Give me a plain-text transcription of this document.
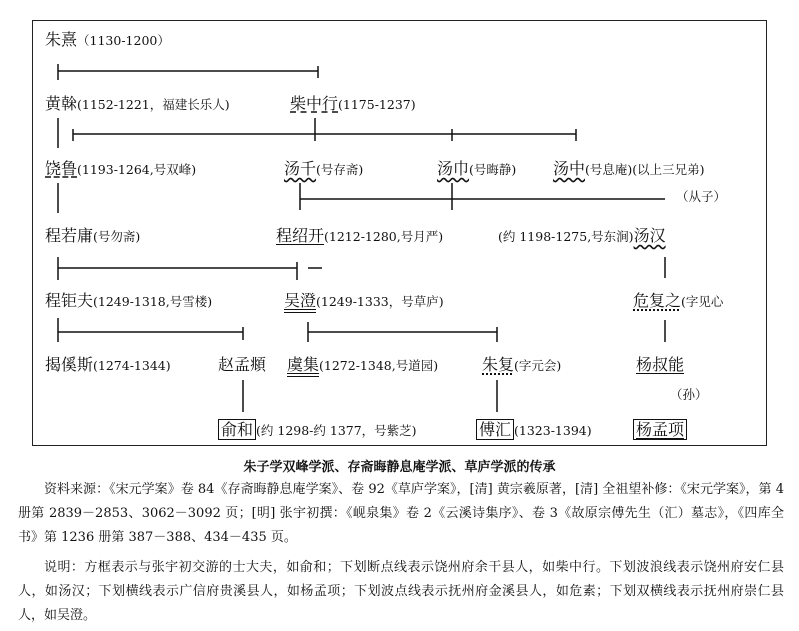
朱熹（1130-1200）
黄榦(1152-1221，福建长乐人)	柴中行(1175-1237)
饶鲁(1193-1264,号双峰)	汤千(号存斋)	汤巾(号晦静) 汤中(号息庵)(以上三兄弟)
（从子）
程若庸(号勿斋)	程绍开(1212-1280,号月严)	(约 1198-1275,号东涧)汤汉
程钜夫(1249-1318,号雪楼)	吴澄(1249-1333，号草庐)	危复之(字见心
揭傒斯(1274-1344)	赵孟頫 虞集(1272-1348,号道园)	朱复(字元会)	杨叔能
（孙）
俞和 (约 1298-约 1377，号紫芝)	傅汇 (1323-1394)	杨孟项
朱子学双峰学派、存斋晦静息庵学派、草庐学派的传承
资料来源：《宋元学案》卷 84《存斋晦静息庵学案》、卷 92《草庐学案》，[清] 黄宗羲原著，[清] 全祖望补修：《宋元学案》，第 4 册第 2839－2853、3062－3092 页；[明] 张宇初撰：《岘泉集》卷 2《云溪诗集序》、卷 3《故原宗傅先生（汇）墓志》，《四库全书》第 1236 册第 387－388、434－435 页。
说明：方框表示与张宇初交游的士大夫，如俞和；下划断点线表示饶州府余干县人，如柴中行。下划波浪线表示饶州府安仁县人，如汤汉；下划横线表示广信府贵溪县人，如杨孟项；下划波点线表示抚州府金溪县人，如危素；下划双横线表示抚州府崇仁县人，如吴澄。
